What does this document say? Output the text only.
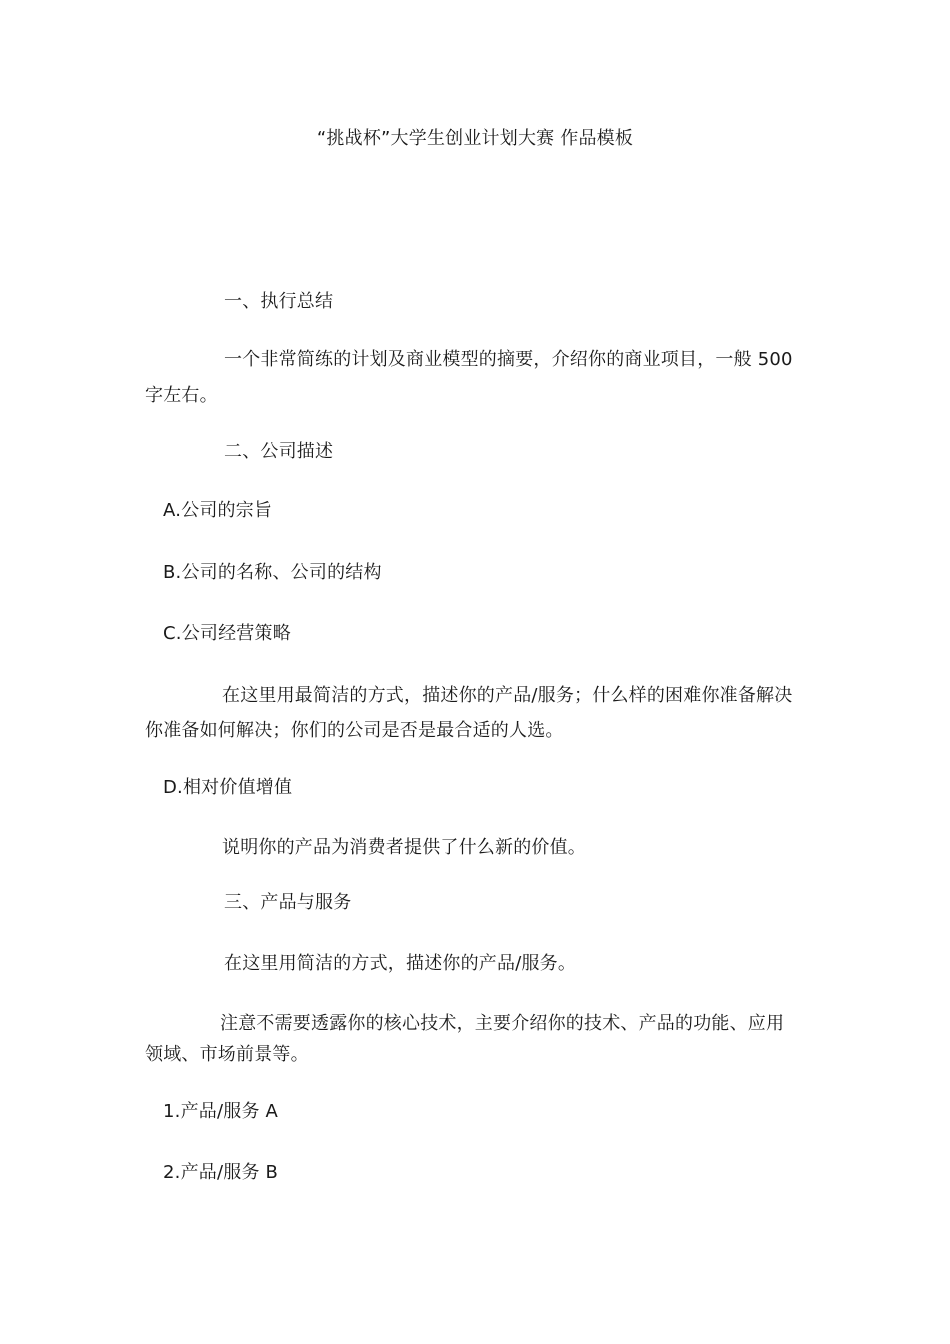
“挑战杯”大学生创业计划大赛 作品模板
一、执行总结
一个非常简练的计划及商业模型的摘要，介绍你的商业项目，一般 500
字左右。
二、公司描述
A.公司的宗旨
B.公司的名称、公司的结构
C.公司经营策略
在这里用最简洁的方式，描述你的产品/服务；什么样的困难你准备解决
你准备如何解决；你们的公司是否是最合适的人选。
D.相对价值增值
说明你的产品为消费者提供了什么新的价值。
三、产品与服务
在这里用简洁的方式，描述你的产品/服务。
注意不需要透露你的核心技术，主要介绍你的技术、产品的功能、应用
领域、市场前景等。
1.产品/服务 A
2.产品/服务 B
